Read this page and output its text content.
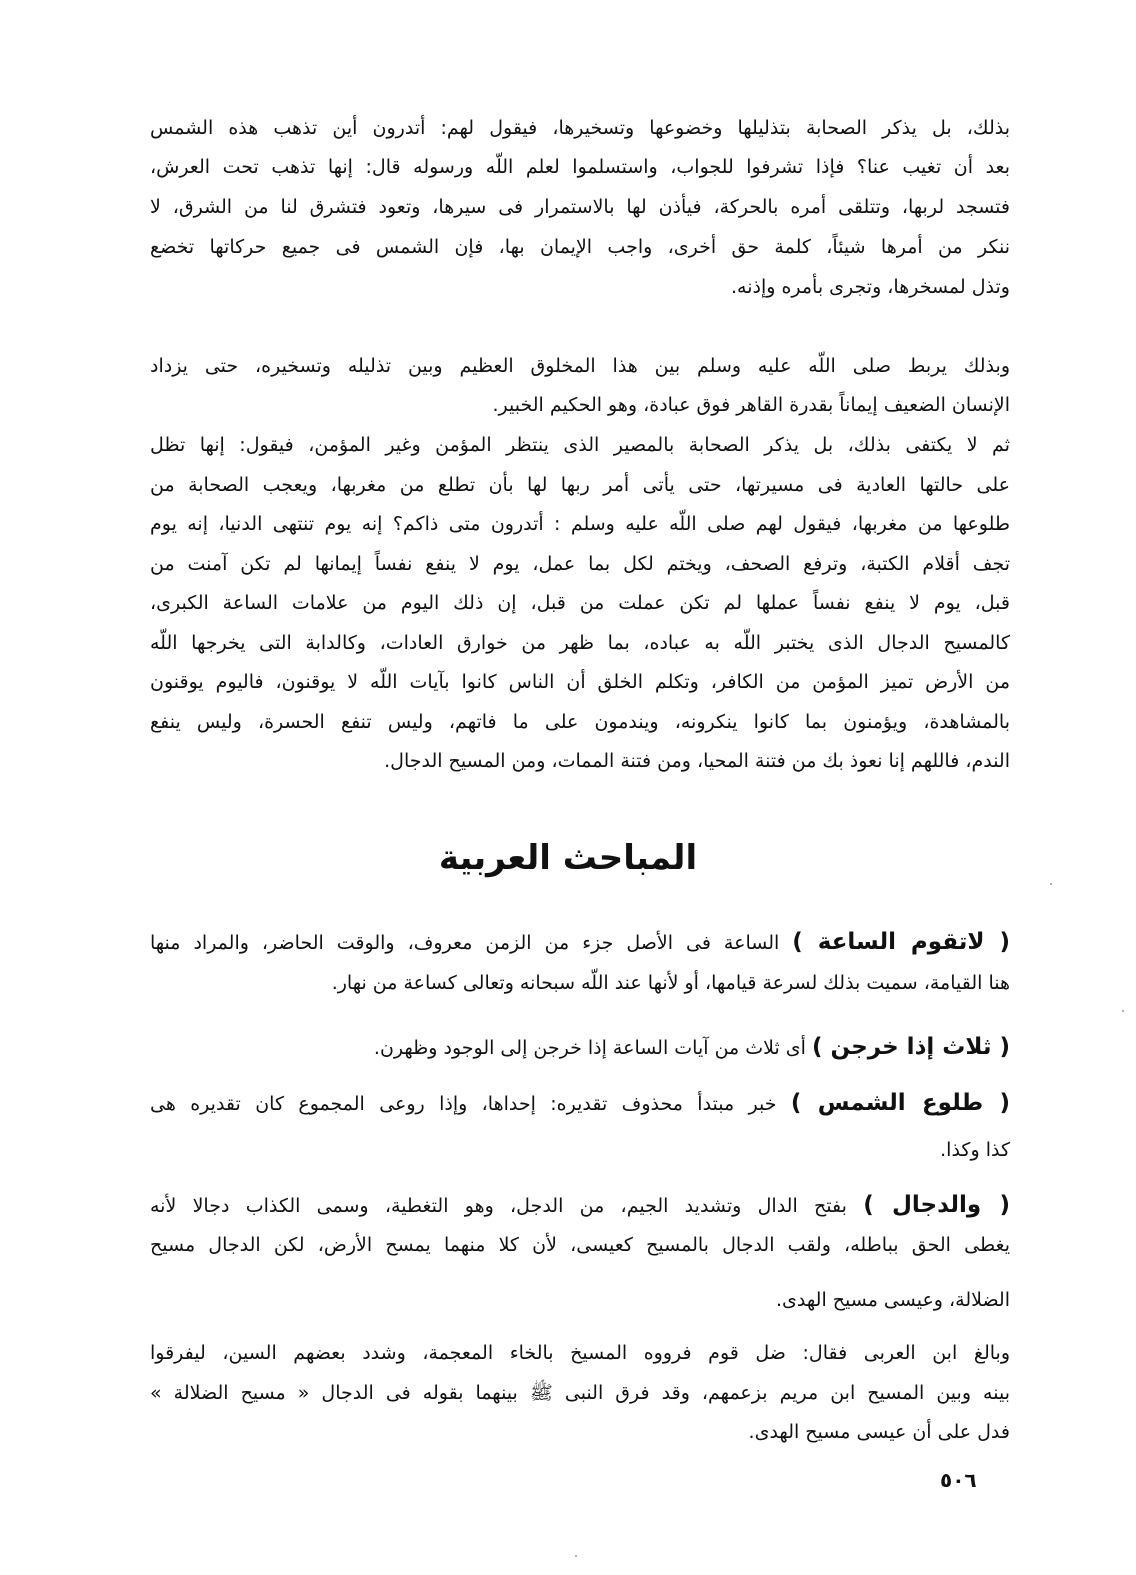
بذلك، بل يذكر الصحابة بتذليلها وخضوعها وتسخيرها، فيقول لهم: أتدرون أين تذهب هذه الشمس
بعد أن تغيب عنا؟ فإذا تشرفوا للجواب، واستسلموا لعلم اللّه ورسوله قال: إنها تذهب تحت العرش،
فتسجد لربها، وتتلقى أمره بالحركة، فيأذن لها بالاستمرار فى سيرها، وتعود فتشرق لنا من الشرق، لا
ننكر من أمرها شيئاً، كلمة حق أخرى، واجب الإيمان بها، فإن الشمس فى جميع حركاتها تخضع
وتذل لمسخرها، وتجرى بأمره وإذنه.
وبذلك يربط صلى اللّه عليه وسلم بين هذا المخلوق العظيم وبين تذليله وتسخيره، حتى يزداد
الإنسان الضعيف إيماناً بقدرة القاهر فوق عبادة، وهو الحكيم الخبير.
ثم لا يكتفى بذلك، بل يذكر الصحابة بالمصير الذى ينتظر المؤمن وغير المؤمن، فيقول: إنها تظل
على حالتها العادية فى مسيرتها، حتى يأتى أمر ربها لها بأن تطلع من مغربها، ويعجب الصحابة من
طلوعها من مغربها، فيقول لهم صلى اللّه عليه وسلم : أتدرون متى ذاكم؟ إنه يوم تنتهى الدنيا، إنه يوم
تجف أقلام الكتبة، وترفع الصحف، ويختم لكل بما عمل، يوم لا ينفع نفساً إيمانها لم تكن آمنت من
قبل، يوم لا ينفع نفساً عملها لم تكن عملت من قبل، إن ذلك اليوم من علامات الساعة الكبرى،
كالمسيح الدجال الذى يختبر اللّه به عباده، بما ظهر من خوارق العادات، وكالدابة التى يخرجها اللّه
من الأرض تميز المؤمن من الكافر، وتكلم الخلق أن الناس كانوا بآيات اللّه لا يوقنون، فاليوم يوقنون
بالمشاهدة، ويؤمنون بما كانوا ينكرونه، ويندمون على ما فاتهم، وليس تنفع الحسرة، وليس ينفع
الندم، فاللهم إنا نعوذ بك من فتنة المحيا، ومن فتنة الممات، ومن المسيح الدجال.
المباحث العربية
( لاتقوم الساعة ) الساعة فى الأصل جزء من الزمن معروف، والوقت الحاضر، والمراد منها
هنا القيامة، سميت بذلك لسرعة قيامها، أو لأنها عند اللّه سبحانه وتعالى كساعة من نهار.
( ثلاث إذا خرجن ) أى ثلاث من آيات الساعة إذا خرجن إلى الوجود وظهرن.
( طلوع الشمس ) خبر مبتدأ محذوف تقديره: إحداها، وإذا روعى المجموع كان تقديره هى
كذا وكذا.
( والدجال ) بفتح الدال وتشديد الجيم، من الدجل، وهو التغطية، وسمى الكذاب دجالا لأنه
يغطى الحق بباطله، ولقب الدجال بالمسيح كعيسى، لأن كلا منهما يمسح الأرض، لكن الدجال مسيح
الضلالة، وعيسى مسيح الهدى.
وبالغ ابن العربى فقال: ضل قوم فرووه المسيخ بالخاء المعجمة، وشدد بعضهم السين، ليفرقوا
بينه وبين المسيح ابن مريم بزعمهم، وقد فرق النبى ﷺ بينهما بقوله فى الدجال « مسيح الضلالة »
فدل على أن عيسى مسيح الهدى.
٥٠٦
